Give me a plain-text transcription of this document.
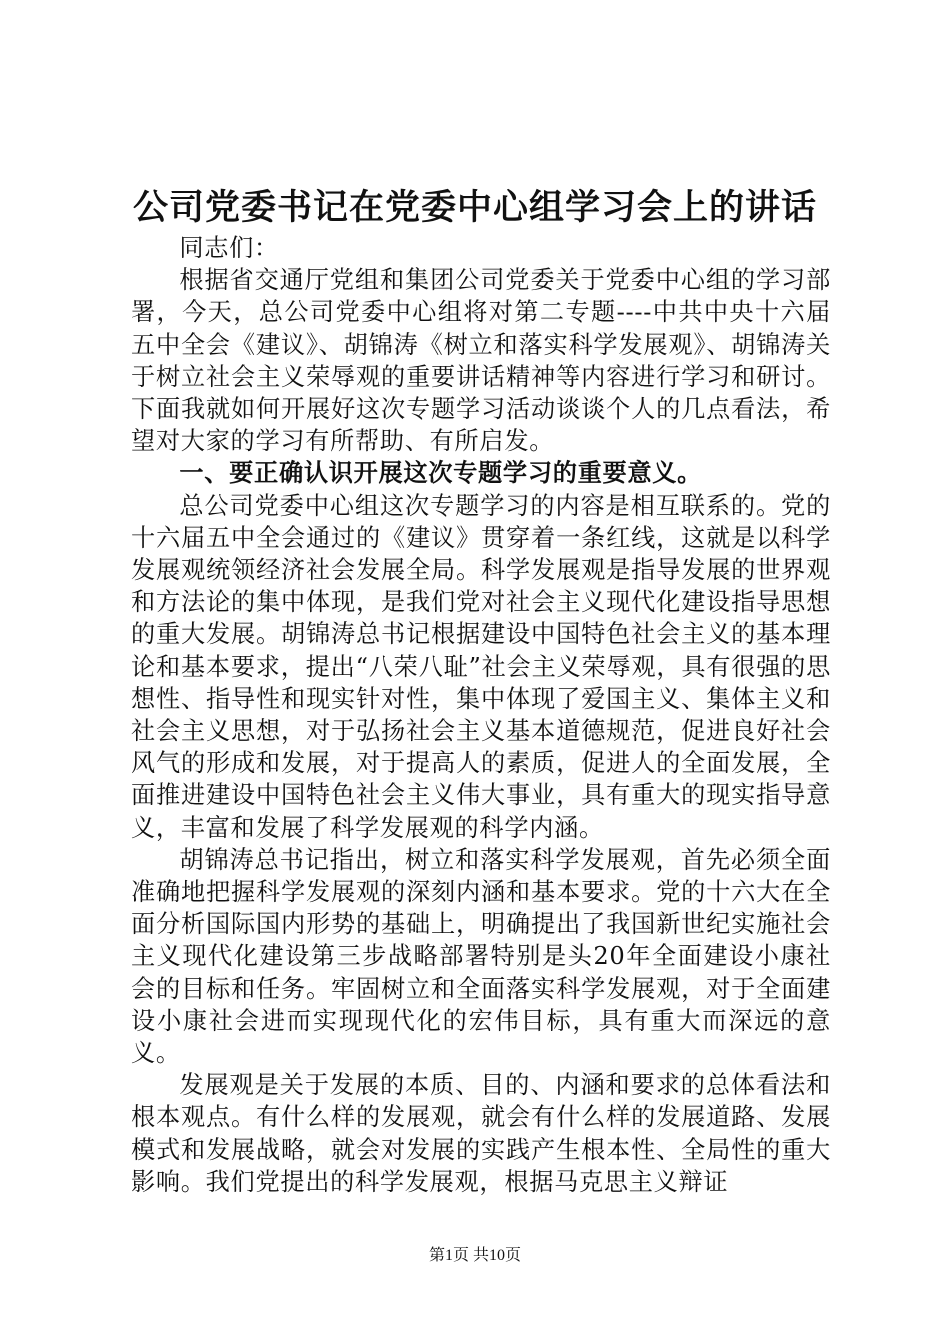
公司党委书记在党委中心组学习会上的讲话

同志们：

根据省交通厅党组和集团公司党委关于党委中心组的学习部署，今天，总公司党委中心组将对第二专题----中共中央十六届五中全会《建议》、胡锦涛《树立和落实科学发展观》、胡锦涛关于树立社会主义荣辱观的重要讲话精神等内容进行学习和研讨。下面我就如何开展好这次专题学习活动谈谈个人的几点看法，希望对大家的学习有所帮助、有所启发。

一、要正确认识开展这次专题学习的重要意义。

总公司党委中心组这次专题学习的内容是相互联系的。党的十六届五中全会通过的《建议》贯穿着一条红线，这就是以科学发展观统领经济社会发展全局。科学发展观是指导发展的世界观和方法论的集中体现，是我们党对社会主义现代化建设指导思想的重大发展。胡锦涛总书记根据建设中国特色社会主义的基本理论和基本要求，提出“八荣八耻”社会主义荣辱观，具有很强的思想性、指导性和现实针对性，集中体现了爱国主义、集体主义和社会主义思想，对于弘扬社会主义基本道德规范，促进良好社会风气的形成和发展，对于提高人的素质，促进人的全面发展，全面推进建设中国特色社会主义伟大事业，具有重大的现实指导意义，丰富和发展了科学发展观的科学内涵。

胡锦涛总书记指出，树立和落实科学发展观，首先必须全面准确地把握科学发展观的深刻内涵和基本要求。党的十六大在全面分析国际国内形势的基础上，明确提出了我国新世纪实施社会主义现代化建设第三步战略部署特别是头20年全面建设小康社会的目标和任务。牢固树立和全面落实科学发展观，对于全面建设小康社会进而实现现代化的宏伟目标，具有重大而深远的意义。

发展观是关于发展的本质、目的、内涵和要求的总体看法和根本观点。有什么样的发展观，就会有什么样的发展道路、发展模式和发展战略，就会对发展的实践产生根本性、全局性的重大影响。我们党提出的科学发展观，根据马克思主义辩证

第1页 共10页
